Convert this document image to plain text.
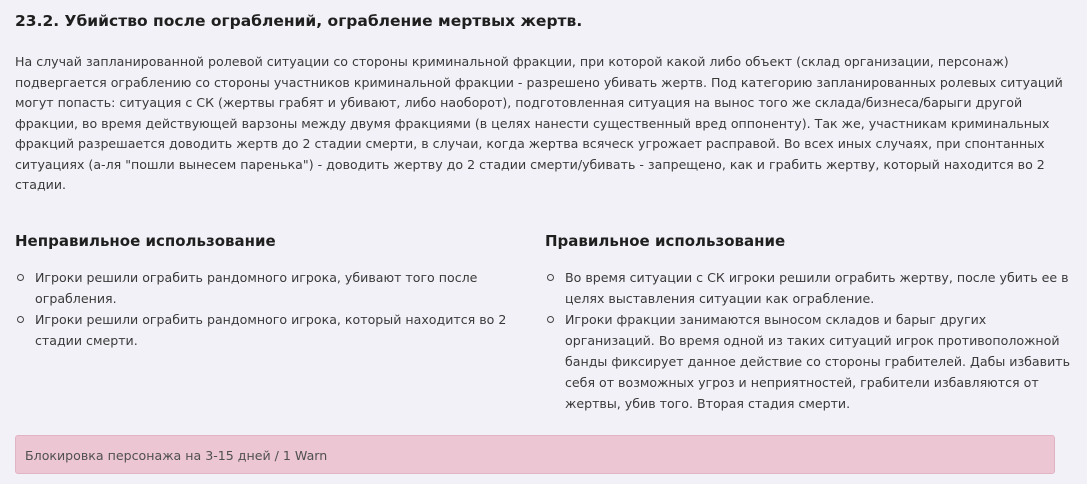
23.2. Убийство после ограблений, ограбление мертвых жертв.

На случай запланированной ролевой ситуации со стороны криминальной фракции, при которой какой либо объект (склад организации, персонаж) подвергается ограблению со стороны участников криминальной фракции - разрешено убивать жертв. Под категорию запланированных ролевых ситуаций могут попасть: ситуация с СК (жертвы грабят и убивают, либо наоборот), подготовленная ситуация на вынос того же склада/бизнеса/барыги другой фракции, во время действующей варзоны между двумя фракциями (в целях нанести существенный вред оппоненту). Так же, участникам криминальных фракций разрешается доводить жертв до 2 стадии смерти, в случаи, когда жертва всяческ угрожает расправой. Во всех иных случаях, при спонтанных ситуациях (а-ля "пошли вынесем паренька") - доводить жертву до 2 стадии смерти/убивать - запрещено, как и грабить жертву, который находится во 2 стадии.

Неправильное использование
Игроки решили ограбить рандомного игрока, убивают того после ограбления.
Игроки решили ограбить рандомного игрока, который находится во 2 стадии смерти.
Правильное использование
Во время ситуации с СК игроки решили ограбить жертву, после убить ее в целях выставления ситуации как ограбление.
Игроки фракции занимаются выносом складов и барыг других организаций. Во время одной из таких ситуаций игрок противоположной банды фиксирует данное действие со стороны грабителей. Дабы избавить себя от возможных угроз и неприятностей, грабители избавляются от жертвы, убив того. Вторая стадия смерти.
Блокировка персонажа на 3-15 дней / 1 Warn
